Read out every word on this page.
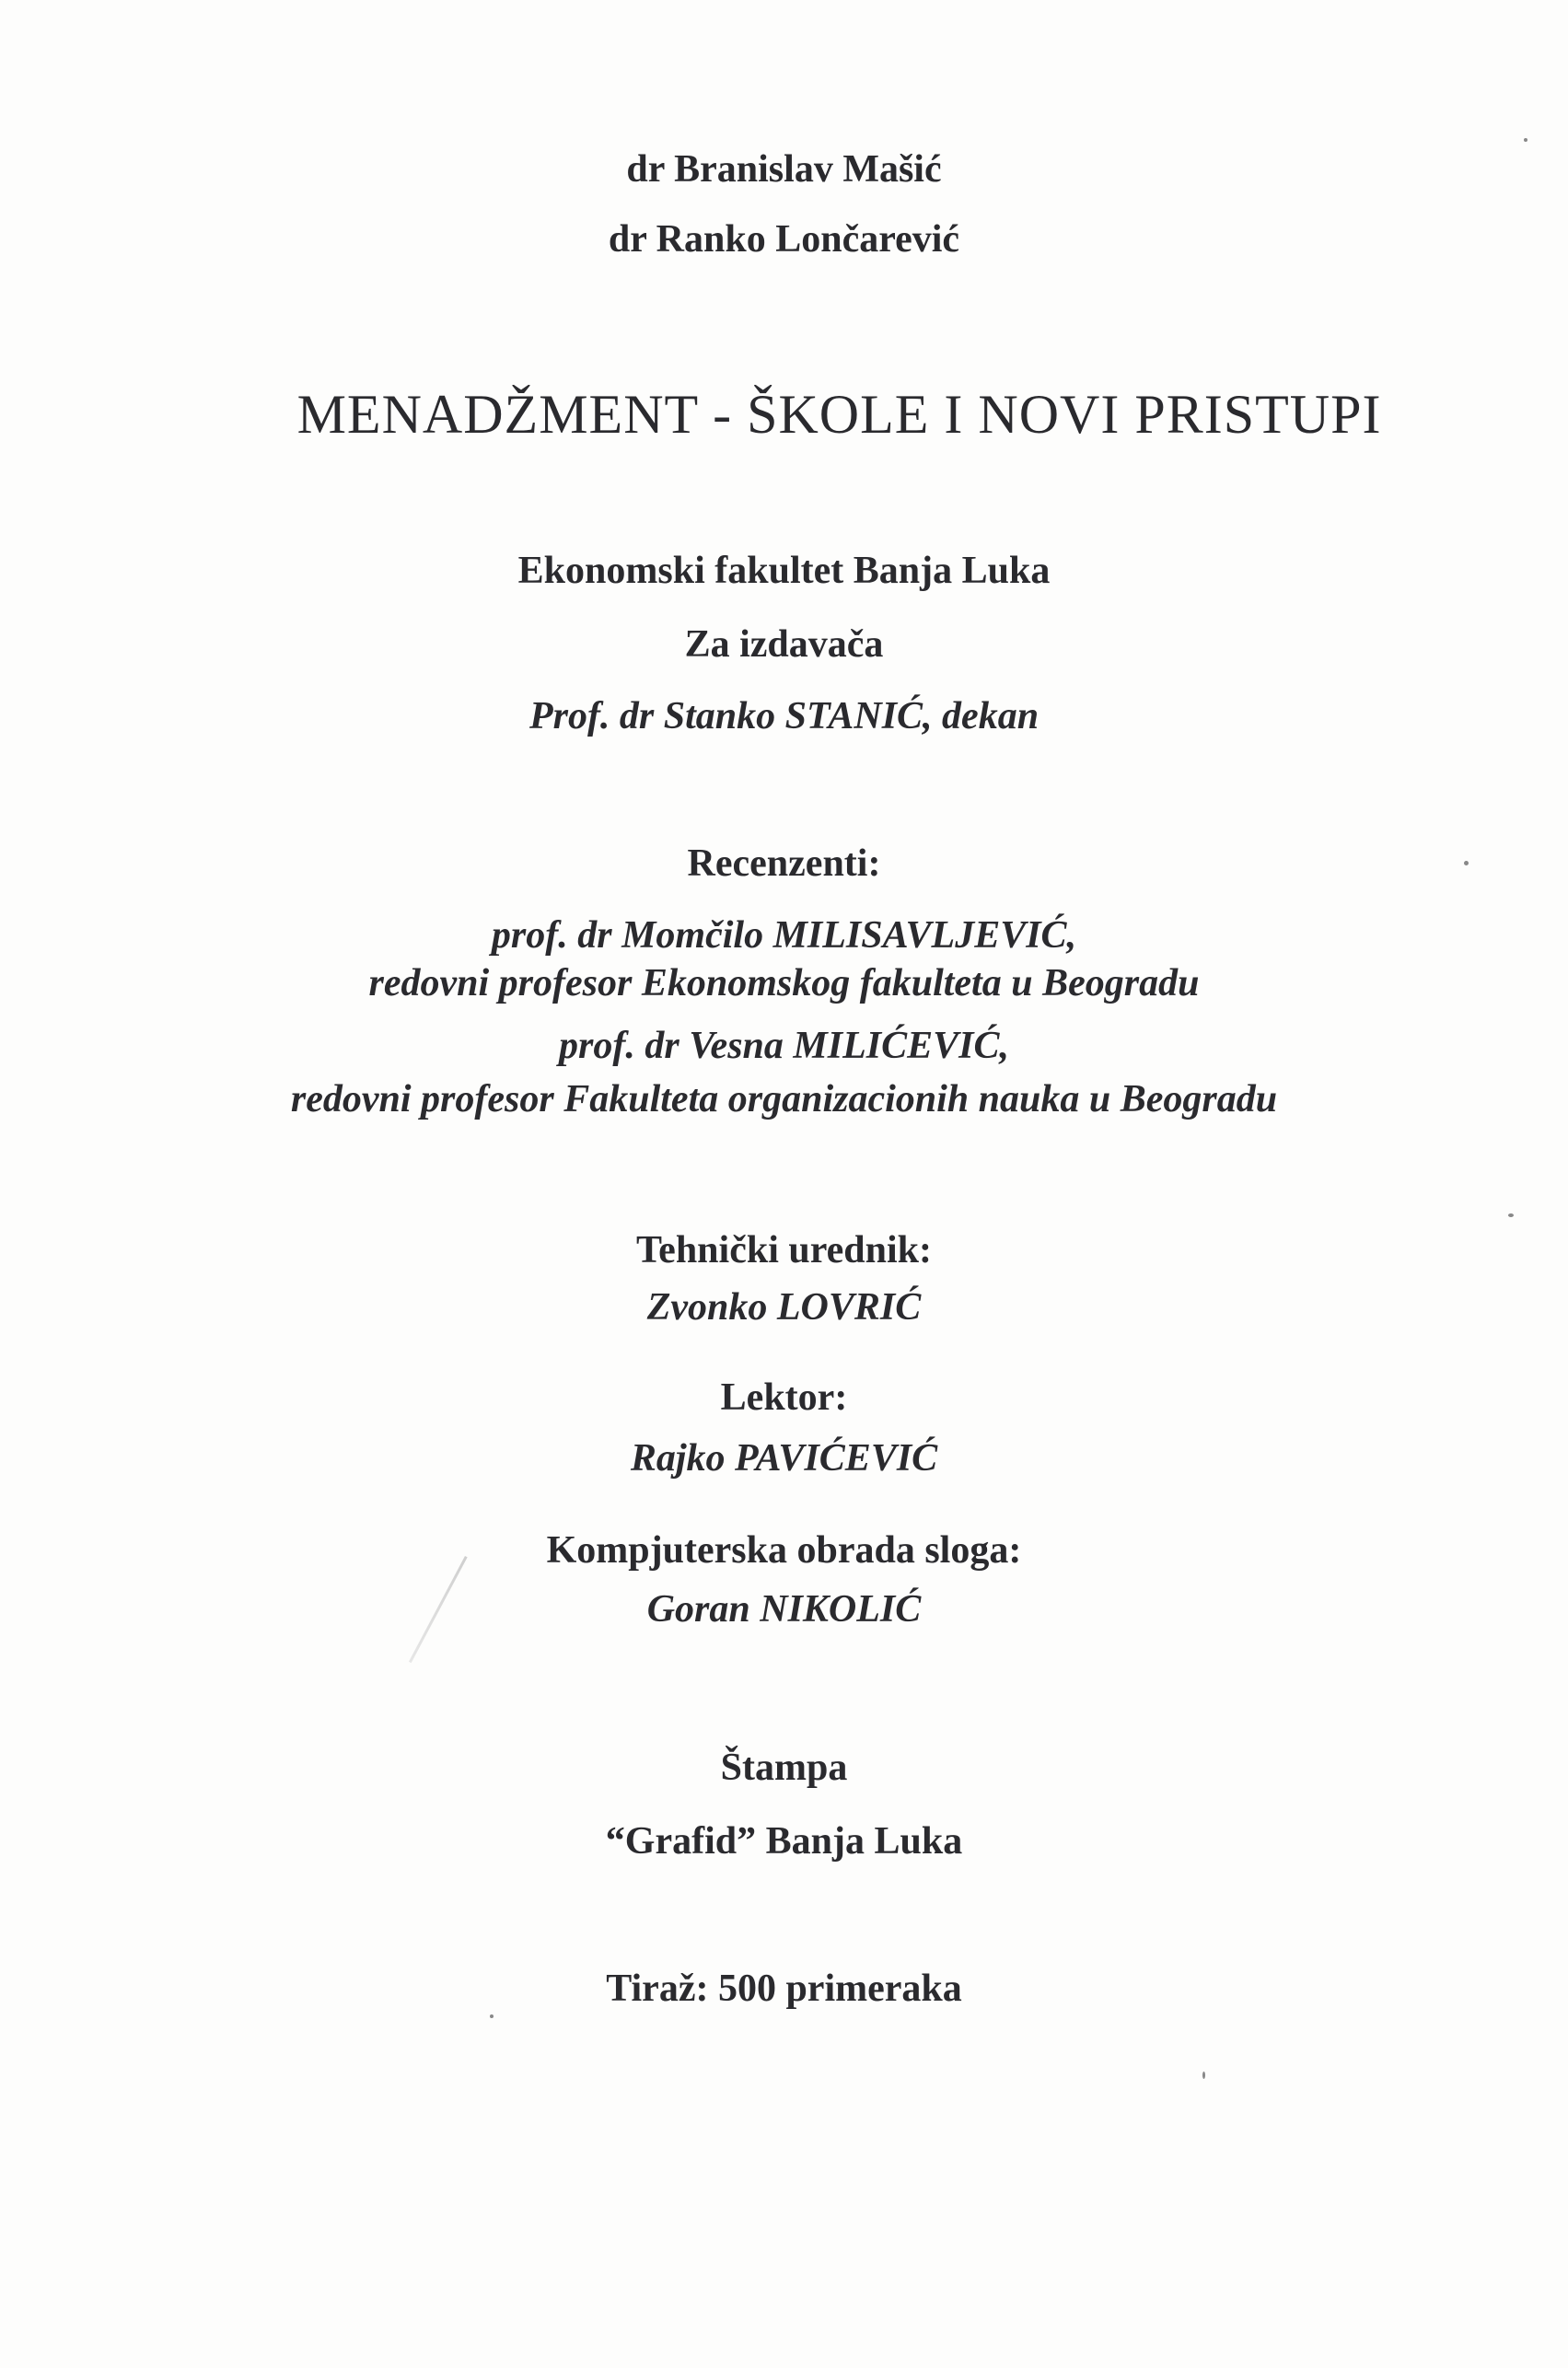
dr Branislav Mašić
dr Ranko Lončarević
MENADŽMENT - ŠKOLE I NOVI PRISTUPI
Ekonomski fakultet Banja Luka
Za izdavača
Prof. dr Stanko STANIĆ, dekan
Recenzenti:
prof. dr Momčilo MILISAVLJEVIĆ,
redovni profesor Ekonomskog fakulteta u Beogradu
prof. dr Vesna MILIĆEVIĆ,
redovni profesor Fakulteta organizacionih nauka u Beogradu
Tehnički urednik:
Zvonko LOVRIĆ
Lektor:
Rajko PAVIĆEVIĆ
Kompjuterska obrada sloga:
Goran NIKOLIĆ
Štampa
“Grafid” Banja Luka
Tiraž: 500 primeraka
